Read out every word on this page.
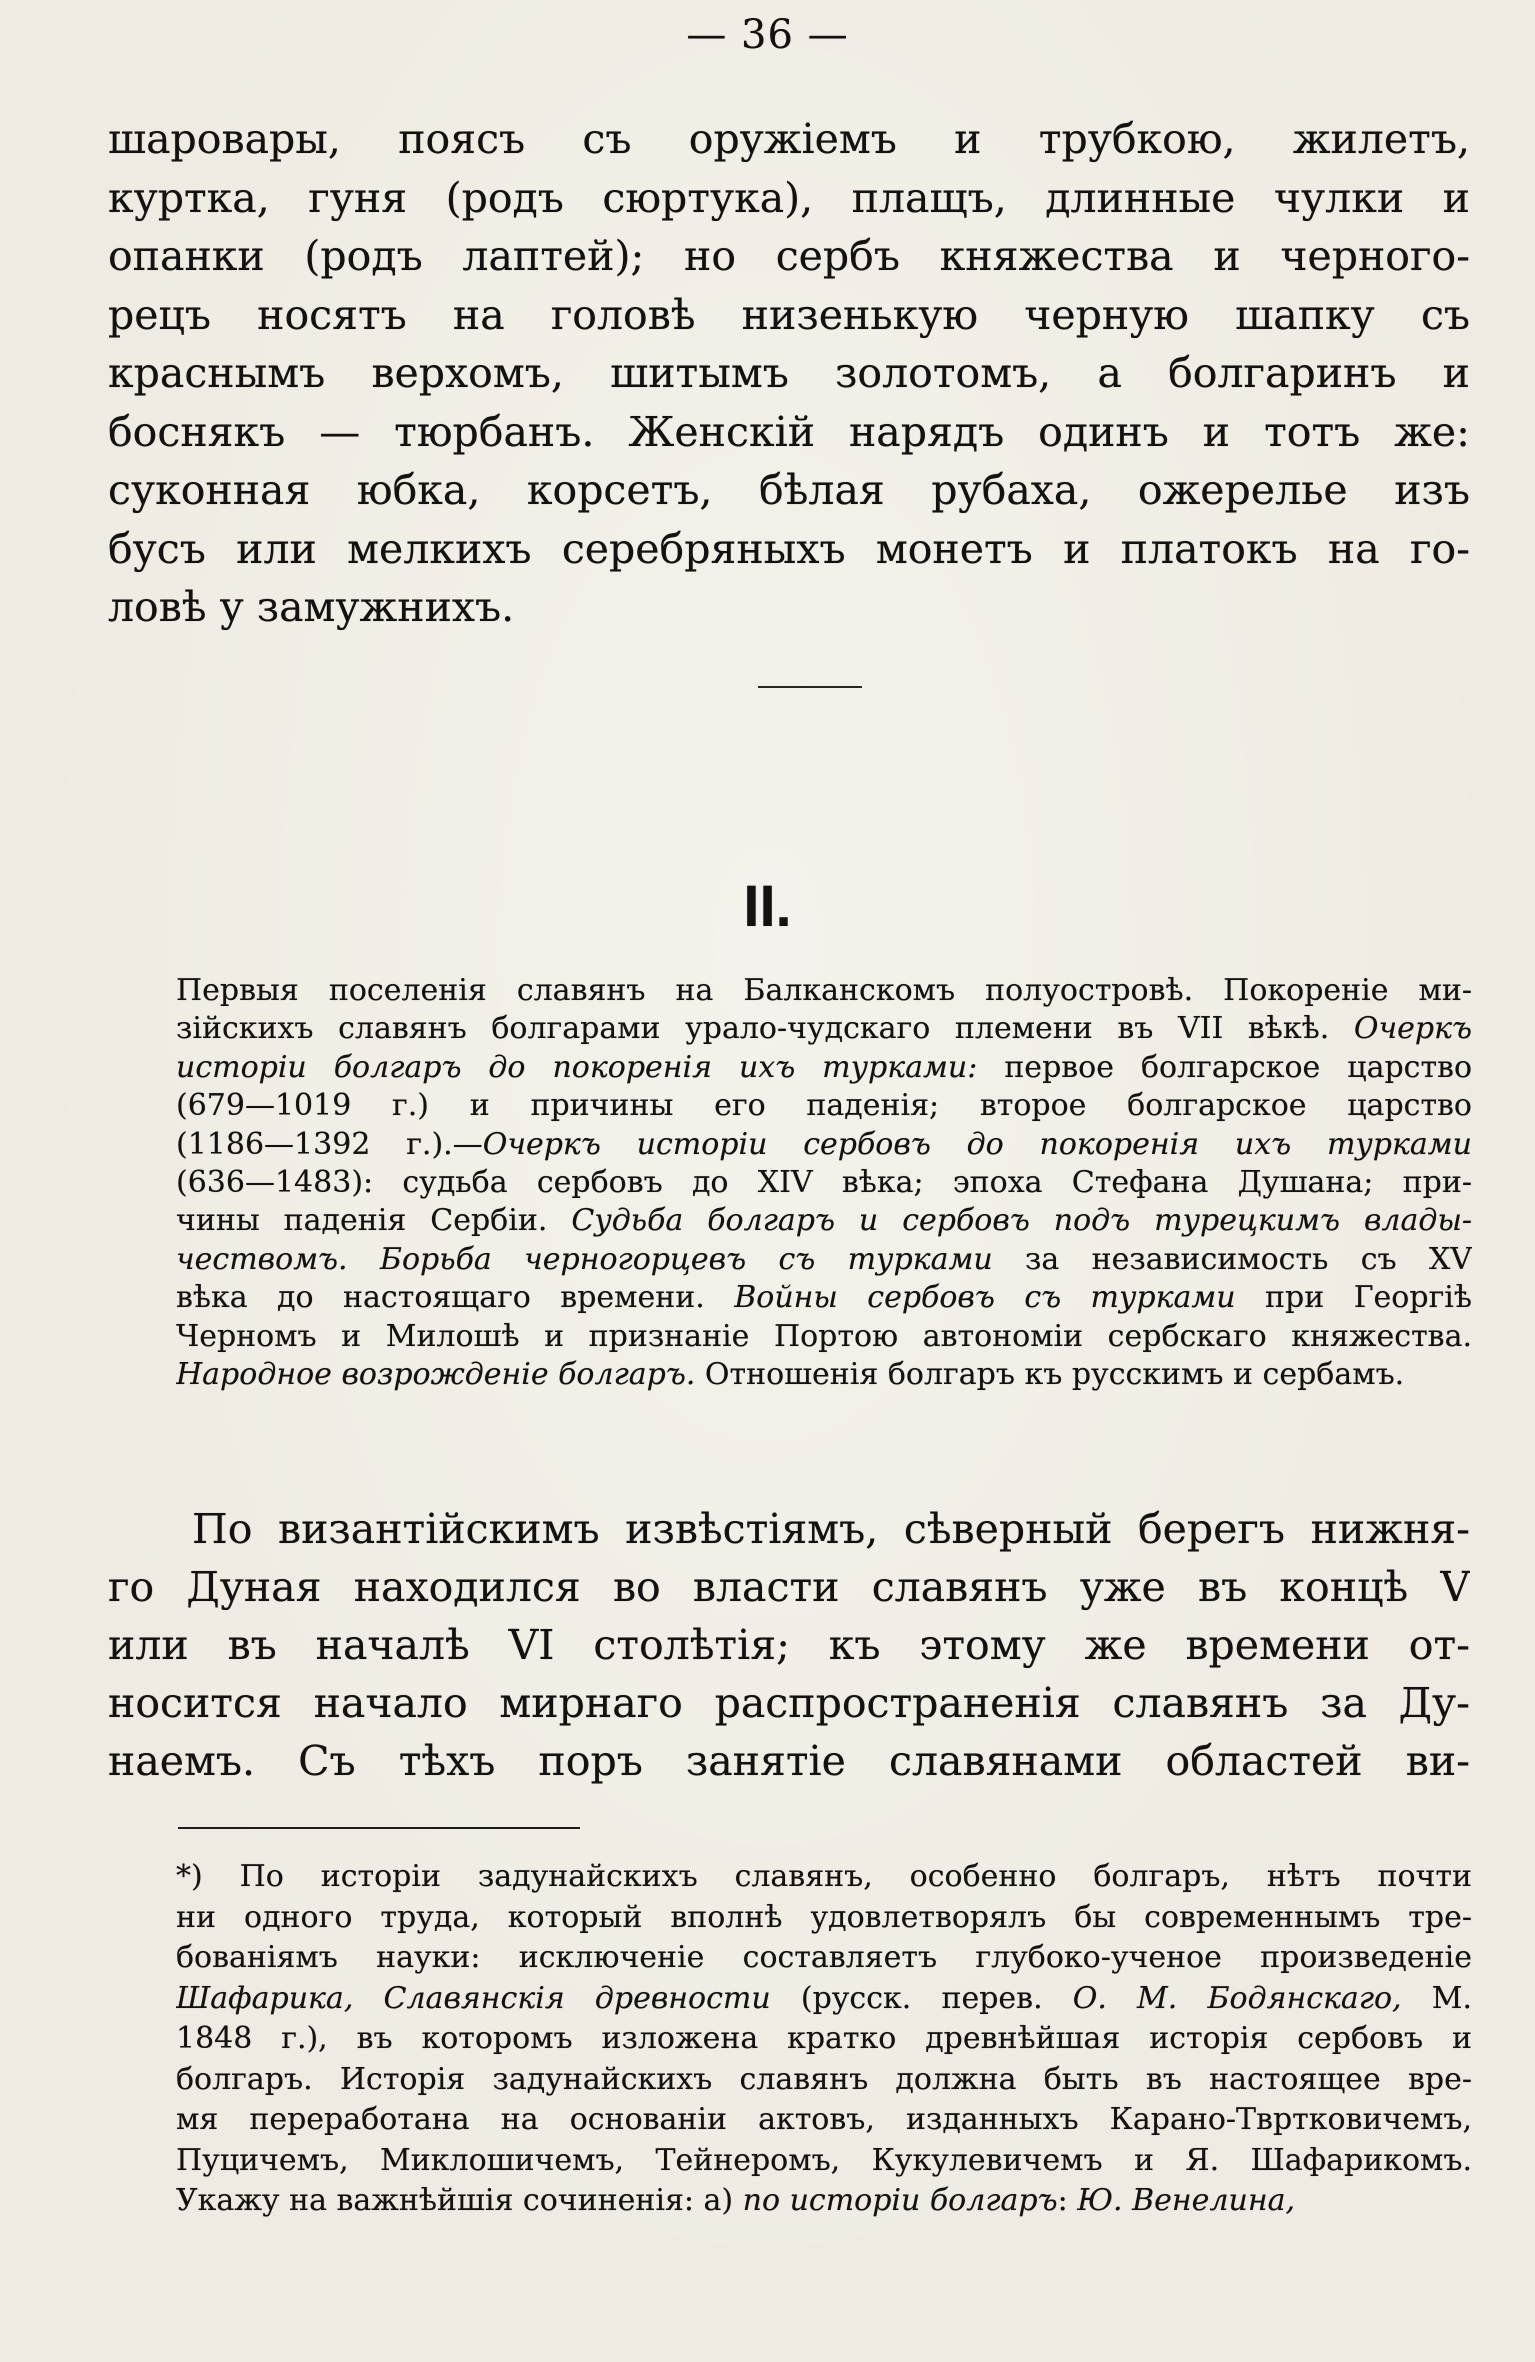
— 36 —
шаровары, поясъ съ оружіемъ и трубкою, жилетъ,
куртка, гуня (родъ сюртука), плащъ, длинные чулки и
опанки (родъ лаптей); но сербъ княжества и черного-
рецъ носятъ на головѣ низенькую черную шапку съ
краснымъ верхомъ, шитымъ золотомъ, а болгаринъ и
боснякъ — тюрбанъ. Женскій нарядъ одинъ и тотъ же:
суконная юбка, корсетъ, бѣлая рубаха, ожерелье изъ
бусъ или мелкихъ серебряныхъ монетъ и платокъ на го-
ловѣ у замужнихъ.
II.
Первыя поселенія славянъ на Балканскомъ полуостровѣ. Покореніе ми-
зійскихъ славянъ болгарами урало-чудскаго племени въ VII вѣкѣ. Очеркъ
исторіи болгаръ до покоренія ихъ турками: первое болгарское царство
(679—1019 г.) и причины его паденія; второе болгарское царство
(1186—1392 г.).—Очеркъ исторіи сербовъ до покоренія ихъ турками
(636—1483): судьба сербовъ до XIV вѣка; эпоха Стефана Душана; при-
чины паденія Сербіи. Судьба болгаръ и сербовъ подъ турецкимъ влады-
чествомъ. Борьба черногорцевъ съ турками за независимость съ XV
вѣка до настоящаго времени. Войны сербовъ съ турками при Георгіѣ
Черномъ и Милошѣ и признаніе Портою автономіи сербскаго княжества.
Народное возрожденіе болгаръ. Отношенія болгаръ къ русскимъ и сербамъ.
По византійскимъ извѣстіямъ, сѣверный берегъ нижня-
го Дуная находился во власти славянъ уже въ концѣ V
или въ началѣ VI столѣтія; къ этому же времени от-
носится начало мирнаго распространенія славянъ за Ду-
наемъ. Съ тѣхъ поръ занятіе славянами областей ви-
*) По исторіи задунайскихъ славянъ, особенно болгаръ, нѣтъ почти
ни одного труда, который вполнѣ удовлетворялъ бы современнымъ тре-
бованіямъ науки: исключеніе составляетъ глубоко-ученое произведеніе
Шафарика, Славянскія древности (русск. перев. О. М. Бодянскаго, М.
1848 г.), въ которомъ изложена кратко древнѣйшая исторія сербовъ и
болгаръ. Исторія задунайскихъ славянъ должна быть въ настоящее вре-
мя переработана на основаніи актовъ, изданныхъ Карано-Твртковичемъ,
Пуцичемъ, Миклошичемъ, Тейнеромъ, Кукулевичемъ и Я. Шафарикомъ.
Укажу на важнѣйшія сочиненія: а) по исторіи болгаръ: Ю. Венелина,
